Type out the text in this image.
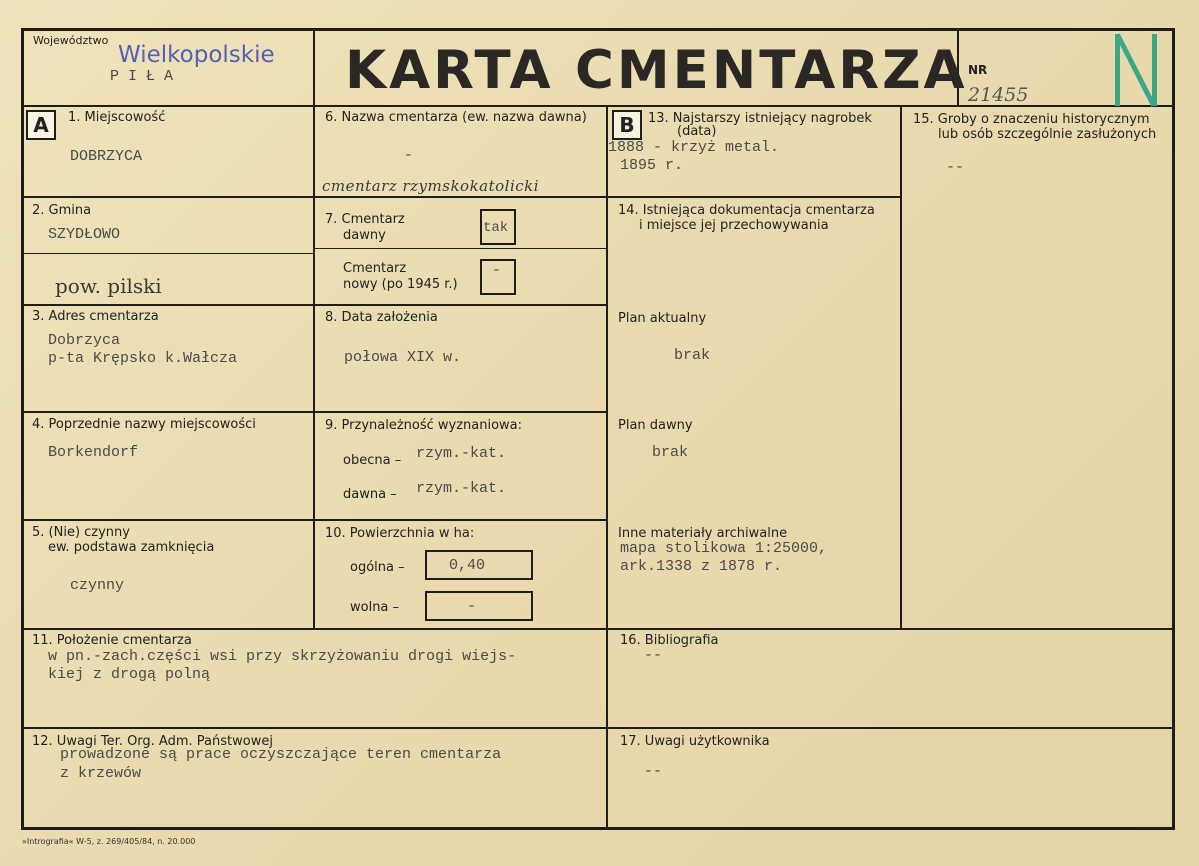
Województwo
Wielkopolskie
P I Ł A	KARTA CMENTARZA NR
21455
A	B
1. Miejscowość
DOBRZYCA
2. Gmina
SZYDŁOWO
pow. pilski
3. Adres cmentarza
Dobrzyca
p-ta Krępsko k.Wałcza
4. Poprzednie nazwy miejscowości
Borkendorf
5. (Nie) czynny
ew. podstawa zamknięcia
czynny
6. Nazwa cmentarza (ew. nazwa dawna)
-
cmentarz rzymskokatolicki
7. Cmentarz
dawny	tak
Cmentarz
nowy (po 1945 r.)
-
8. Data założenia
połowa XIX w.
9. Przynależność wyznaniowa:
obecna – rzym.-kat.
dawna – rzym.-kat.
10. Powierzchnia w ha:
ogólna –	0,40
wolna –	-
11. Położenie cmentarza
w pn.-zach.części wsi przy skrzyżowaniu drogi wiejs-
kiej z drogą polną
12. Uwagi Ter. Org. Adm. Państwowej
prowadzone są prace oczyszczające teren cmentarza
z krzewów
13. Najstarszy istniejący nagrobek
(data)
1888 - krzyż metal.
1895 r.
14. Istniejąca dokumentacja cmentarza
i miejsce jej przechowywania
Plan aktualny
brak
Plan dawny
brak
Inne materiały archiwalne
mapa stolikowa 1:25000,
ark.1338 z 1878 r.
15. Groby o znaczeniu historycznym
lub osób szczególnie zasłużonych
--
16. Bibliografia
--
17. Uwagi użytkownika
--
»Intrografia« W-5, z. 269/405/84, n. 20.000
